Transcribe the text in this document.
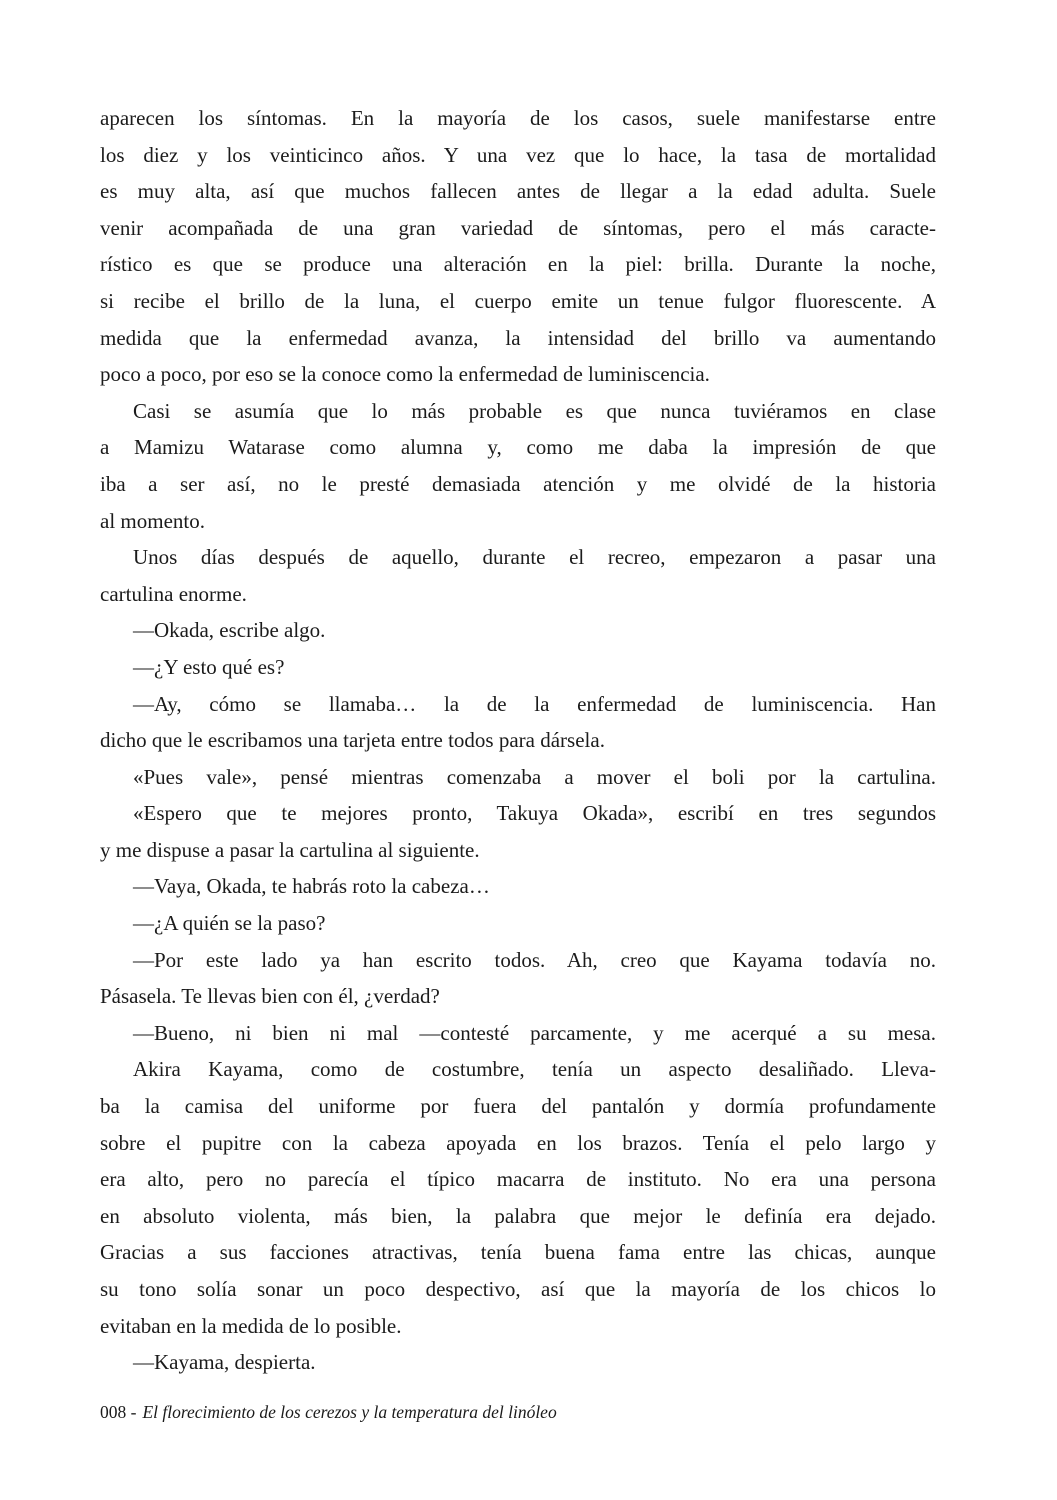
aparecen los síntomas. En la mayoría de los casos, suele manifestarse entre
los diez y los veinticinco años. Y una vez que lo hace, la tasa de mortalidad
es muy alta, así que muchos fallecen antes de llegar a la edad adulta. Suele
venir acompañada de una gran variedad de síntomas, pero el más caracte-
rístico es que se produce una alteración en la piel: brilla. Durante la noche,
si recibe el brillo de la luna, el cuerpo emite un tenue fulgor fluorescente. A
medida que la enfermedad avanza, la intensidad del brillo va aumentando
poco a poco, por eso se la conoce como la enfermedad de luminiscencia.
Casi se asumía que lo más probable es que nunca tuviéramos en clase
a Mamizu Watarase como alumna y, como me daba la impresión de que
iba a ser así, no le presté demasiada atención y me olvidé de la historia
al momento.
Unos días después de aquello, durante el recreo, empezaron a pasar una
cartulina enorme.
—Okada, escribe algo.
—¿Y esto qué es?
—Ay, cómo se llamaba… la de la enfermedad de luminiscencia. Han
dicho que le escribamos una tarjeta entre todos para dársela.
«Pues vale», pensé mientras comenzaba a mover el boli por la cartulina.
«Espero que te mejores pronto, Takuya Okada», escribí en tres segundos
y me dispuse a pasar la cartulina al siguiente.
—Vaya, Okada, te habrás roto la cabeza…
—¿A quién se la paso?
—Por este lado ya han escrito todos. Ah, creo que Kayama todavía no.
Pásasela. Te llevas bien con él, ¿verdad?
—Bueno, ni bien ni mal —contesté parcamente, y me acerqué a su mesa.
Akira Kayama, como de costumbre, tenía un aspecto desaliñado. Lleva-
ba la camisa del uniforme por fuera del pantalón y dormía profundamente
sobre el pupitre con la cabeza apoyada en los brazos. Tenía el pelo largo y
era alto, pero no parecía el típico macarra de instituto. No era una persona
en absoluto violenta, más bien, la palabra que mejor le definía era dejado.
Gracias a sus facciones atractivas, tenía buena fama entre las chicas, aunque
su tono solía sonar un poco despectivo, así que la mayoría de los chicos lo
evitaban en la medida de lo posible.
—Kayama, despierta.
008 - El florecimiento de los cerezos y la temperatura del linóleo
